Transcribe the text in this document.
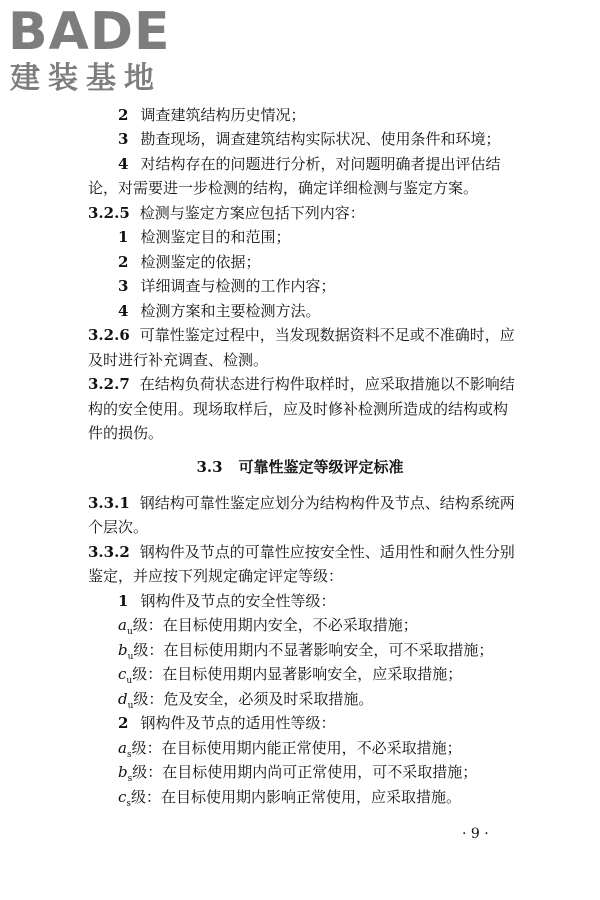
BADE
建装基地
2 调查建筑结构历史情况；
3 勘查现场，调查建筑结构实际状况、使用条件和环境；
4 对结构存在的问题进行分析，对问题明确者提出评估结
论，对需要进一步检测的结构，确定详细检测与鉴定方案。
3.2.5 检测与鉴定方案应包括下列内容：
1 检测鉴定目的和范围；
2 检测鉴定的依据；
3 详细调查与检测的工作内容；
4 检测方案和主要检测方法。
3.2.6 可靠性鉴定过程中，当发现数据资料不足或不准确时，应
及时进行补充调查、检测。
3.2.7 在结构负荷状态进行构件取样时，应采取措施以不影响结
构的安全使用。现场取样后，应及时修补检测所造成的结构或构
件的损伤。
3.3 可靠性鉴定等级评定标准
3.3.1 钢结构可靠性鉴定应划分为结构构件及节点、结构系统两
个层次。
3.3.2 钢构件及节点的可靠性应按安全性、适用性和耐久性分别
鉴定，并应按下列规定确定评定等级：
1 钢构件及节点的安全性等级：
$a_u$级：在目标使用期内安全，不必采取措施；
$b_u$级：在目标使用期内不显著影响安全，可不采取措施；
$c_u$级：在目标使用期内显著影响安全，应采取措施；
$d_u$级：危及安全，必须及时采取措施。
2 钢构件及节点的适用性等级：
$a_s$级：在目标使用期内能正常使用，不必采取措施；
$b_s$级：在目标使用期内尚可正常使用，可不采取措施；
$c_s$级：在目标使用期内影响正常使用，应采取措施。
· 9 ·
